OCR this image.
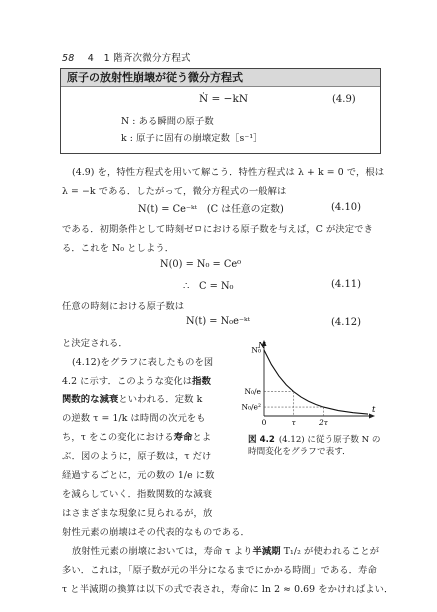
58 4　1 階斉次微分方程式
原子の放射性崩壊が従う微分方程式
Ṅ = −kN	(4.9)
N : ある瞬間の原子数
k : 原子に固有の崩壊定数［s⁻¹］
(4.9) を，特性方程式を用いて解こう．特性方程式は λ + k = 0 で，根は
λ = −k である．したがって，微分方程式の一般解は
N(t) = Ce⁻ᵏᵗ　(C は任意の定数)	(4.10)
である．初期条件として時刻ゼロにおける原子数を与えば，C が決定でき
る．これを N₀ としよう．
N(0) = N₀ = Ce⁰
∴　C = N₀	(4.11)
任意の時刻における原子数は
N(t) = N₀e⁻ᵏᵗ	(4.12)
と決定される．
(4.12)をグラフに表したものを図
4.2 に示す．このような変化は指数
関数的な減衰といわれる．定数 k
の逆数 τ = 1/k は時間の次元をも
ち，τ をこの変化における寿命とよ
ぶ．図のように，原子数は，τ だけ
経過するごとに，元の数の 1/e に数
を減らしていく．指数関数的な減衰
はさまざまな現象に見られるが，放
射性元素の崩壊はその代表的なものである．
放射性元素の崩壊においては，寿命 τ より半減期 T₁/₂ が使われることが
多い．これは，「原子数が元の半分になるまでにかかる時間」である．寿命
τ と半減期の換算は以下の式で表され，寿命に ln 2 ≈ 0.69 をかければよい．
N
t
N₀
N₀/e
N₀/e²
0	τ	2τ
図 4.2 (4.12) に従う原子数 N の時間変化をグラフで表す．
